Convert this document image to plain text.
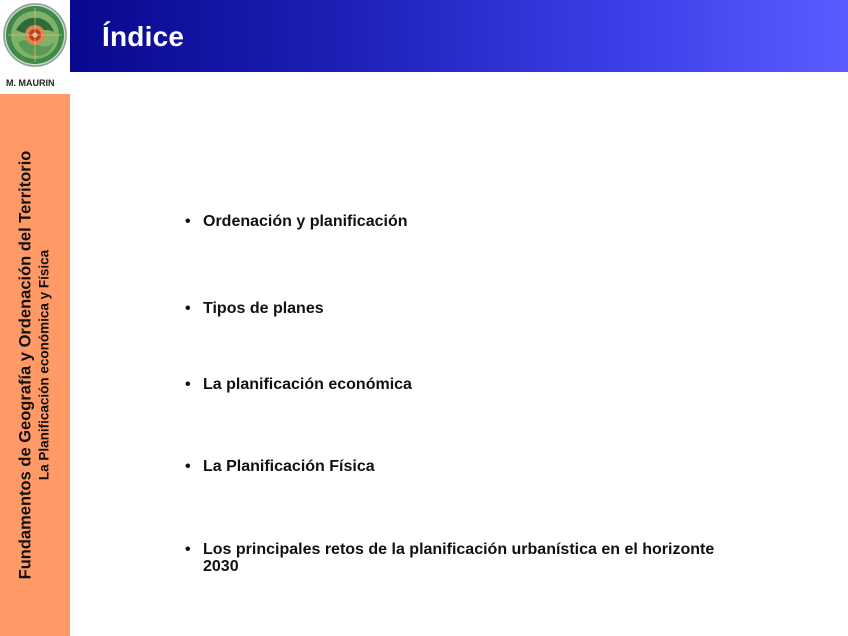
Índice
M. MAURIN
Fundamentos de Geografía y Ordenación del Territorio La Planificación económica y Física
• Ordenación y planificación
• Tipos de planes
• La planificación económica
• La Planificación Física
• Los principales retos de la planificación urbanística en el horizonte 2030
